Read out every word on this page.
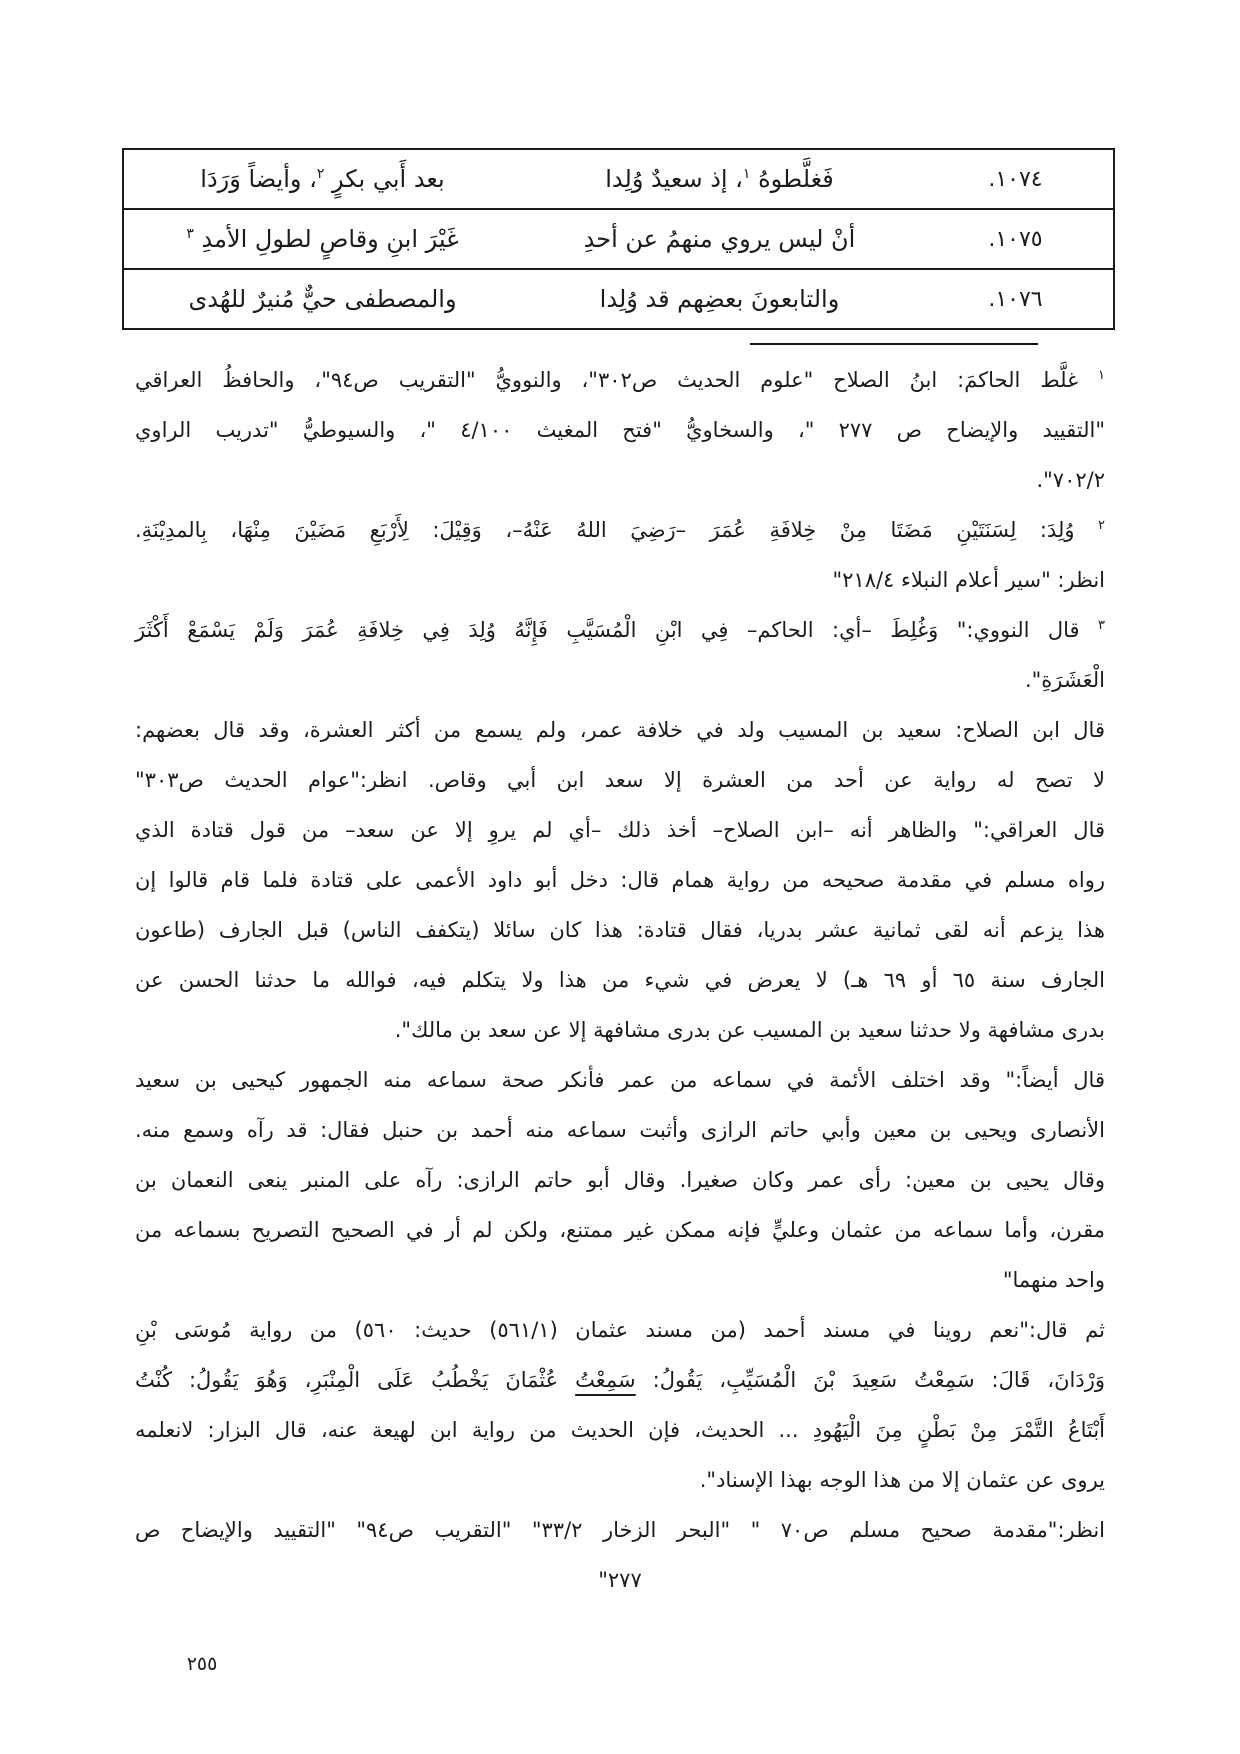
١٠٧٤.
فَغلَّطوهُ $^١$، إذ سعيدٌ وُلِدا
بعد أَبي بكرٍ $^٢$، وأيضاً وَرَدَا
١٠٧٥.
أنْ ليس يروي منهمُ عن أحدِ
غَيْرَ ابنِ وقاصٍ لطولِ الأمدِ $^٣$
١٠٧٦.
والتابعونَ بعضِهم قد وُلِدا
والمصطفى حيٌّ مُنيرٌ للهُدى
$^١$ غلَّط الحاكمَ: ابنُ الصلاح "علوم الحديث ص٣٠٢"، والنوويُّ "التقريب ص٩٤"، والحافظُ العراقي
"التقييد والإيضاح ص ٢٧٧ "، والسخاويُّ "فتح المغيث ٤/١٠٠ "، والسيوطيُّ "تدريب الراوي
٧٠٢/٢".
$^٢$ وُلِدَ: لِسَنَتَيْنِ مَضَتَا مِنْ خِلافَةِ عُمَرَ –رَضِيَ اللهُ عَنْهُ–، وَقِيْلَ: لِأَرْبَعِ مَضَيْنَ مِنْهَا، بِالمدِيْنَةِ.
انظر: "سير أعلام النبلاء ٢١٨/٤"
$^٣$ قال النووي:" وَغُلِطَ –أي: الحاكم– فِي ابْنِ الْمُسَيَّبِ فَإِنَّهُ وُلِدَ فِي خِلافَةِ عُمَرَ وَلَمْ يَسْمَعْ أَكْثَرَ
الْعَشَرَةِ".
قال ابن الصلاح: سعيد بن المسيب ولد في خلافة عمر، ولم يسمع من أكثر العشرة، وقد قال بعضهم:
لا تصح له رواية عن أحد من العشرة إلا سعد ابن أبي وقاص. انظر:"عوام الحديث ص٣٠٣"
قال العراقي:" والظاهر أنه –ابن الصلاح– أخذ ذلك –أي لم يروِ إلا عن سعد– من قول قتادة الذي
رواه مسلم في مقدمة صحيحه من رواية همام قال: دخل أبو داود الأعمى على قتادة فلما قام قالوا إن
هذا يزعم أنه لقى ثمانية عشر بدريا، فقال قتادة: هذا كان سائلا (يتكفف الناس) قبل الجارف (طاعون
الجارف سنة ٦٥ أو ٦٩ هـ) لا يعرض في شيء من هذا ولا يتكلم فيه، فوالله ما حدثنا الحسن عن
بدرى مشافهة ولا حدثنا سعيد بن المسيب عن بدرى مشافهة إلا عن سعد بن مالك".
قال أيضاً:" وقد اختلف الأئمة في سماعه من عمر فأنكر صحة سماعه منه الجمهور كيحيى بن سعيد
الأنصارى ويحيى بن معين وأبي حاتم الرازى وأثبت سماعه منه أحمد بن حنبل فقال: قد رآه وسمع منه.
وقال يحيى بن معين: رأى عمر وكان صغيرا. وقال أبو حاتم الرازى: رآه على المنبر ينعى النعمان بن
مقرن، وأما سماعه من عثمان وعليٍّ فإنه ممكن غير ممتنع، ولكن لم أر في الصحيح التصريح بسماعه من
واحد منهما"
ثم قال:"نعم روينا في مسند أحمد (من مسند عثمان (٥٦١/١) حديث: ٥٦٠) من رواية مُوسَى بْنِ
وَرْدَانَ، قَالَ: سَمِعْتُ سَعِيدَ بْنَ الْمُسَيِّبِ، يَقُولُ: سَمِعْتُ عُثْمَانَ يَخْطُبُ عَلَى الْمِنْبَرِ، وَهُوَ يَقُولُ: كُنْتُ
أَبْتَاعُ التَّمْرَ مِنْ بَطْنٍ مِنَ الْيَهُودِ ... الحديث، فإن الحديث من رواية ابن لهيعة عنه، قال البزار: لانعلمه
يروى عن عثمان إلا من هذا الوجه بهذا الإسناد".
انظر:"مقدمة صحيح مسلم ص٧٠ " "البحر الزخار ٣٣/٢" "التقريب ص٩٤" "التقييد والإيضاح ص
٢٧٧"
٢٥٥
